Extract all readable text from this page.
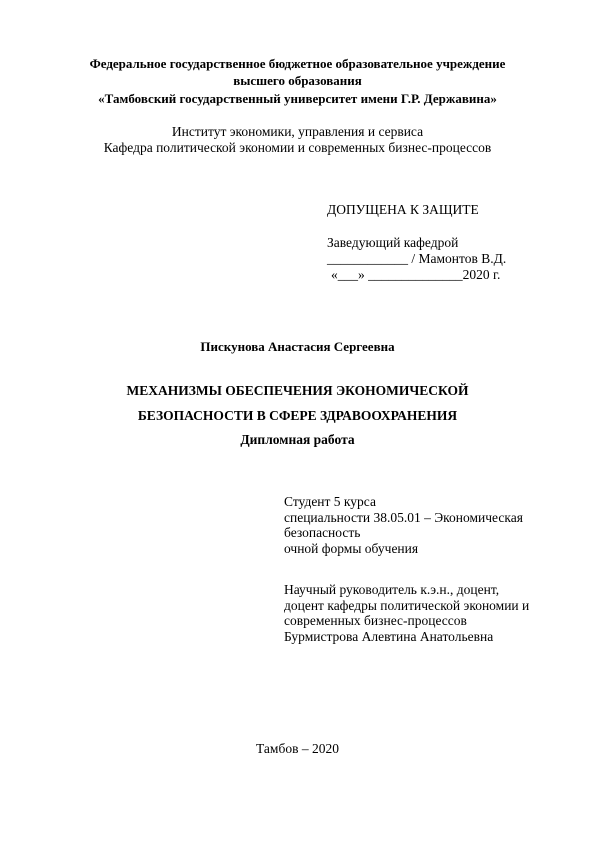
Федеральное государственное бюджетное образовательное учреждение
высшего образования
«Тамбовский государственный университет имени Г.Р. Державина»
Институт экономики, управления и сервиса
Кафедра политической экономии и современных бизнес-процессов
ДОПУЩЕНА К ЗАЩИТЕ
Заведующий кафедрой
____________ / Мамонтов В.Д.
«___» ______________2020 г.
Пискунова Анастасия Сергеевна
МЕХАНИЗМЫ ОБЕСПЕЧЕНИЯ ЭКОНОМИЧЕСКОЙ
БЕЗОПАСНОСТИ В СФЕРЕ ЗДРАВООХРАНЕНИЯ
Дипломная работа
Студент 5 курса
специальности 38.05.01 – Экономическая
безопасность
очной формы обучения
Научный руководитель к.э.н., доцент,
доцент кафедры политической экономии и
современных бизнес-процессов
Бурмистрова Алевтина Анатольевна
Тамбов – 2020
